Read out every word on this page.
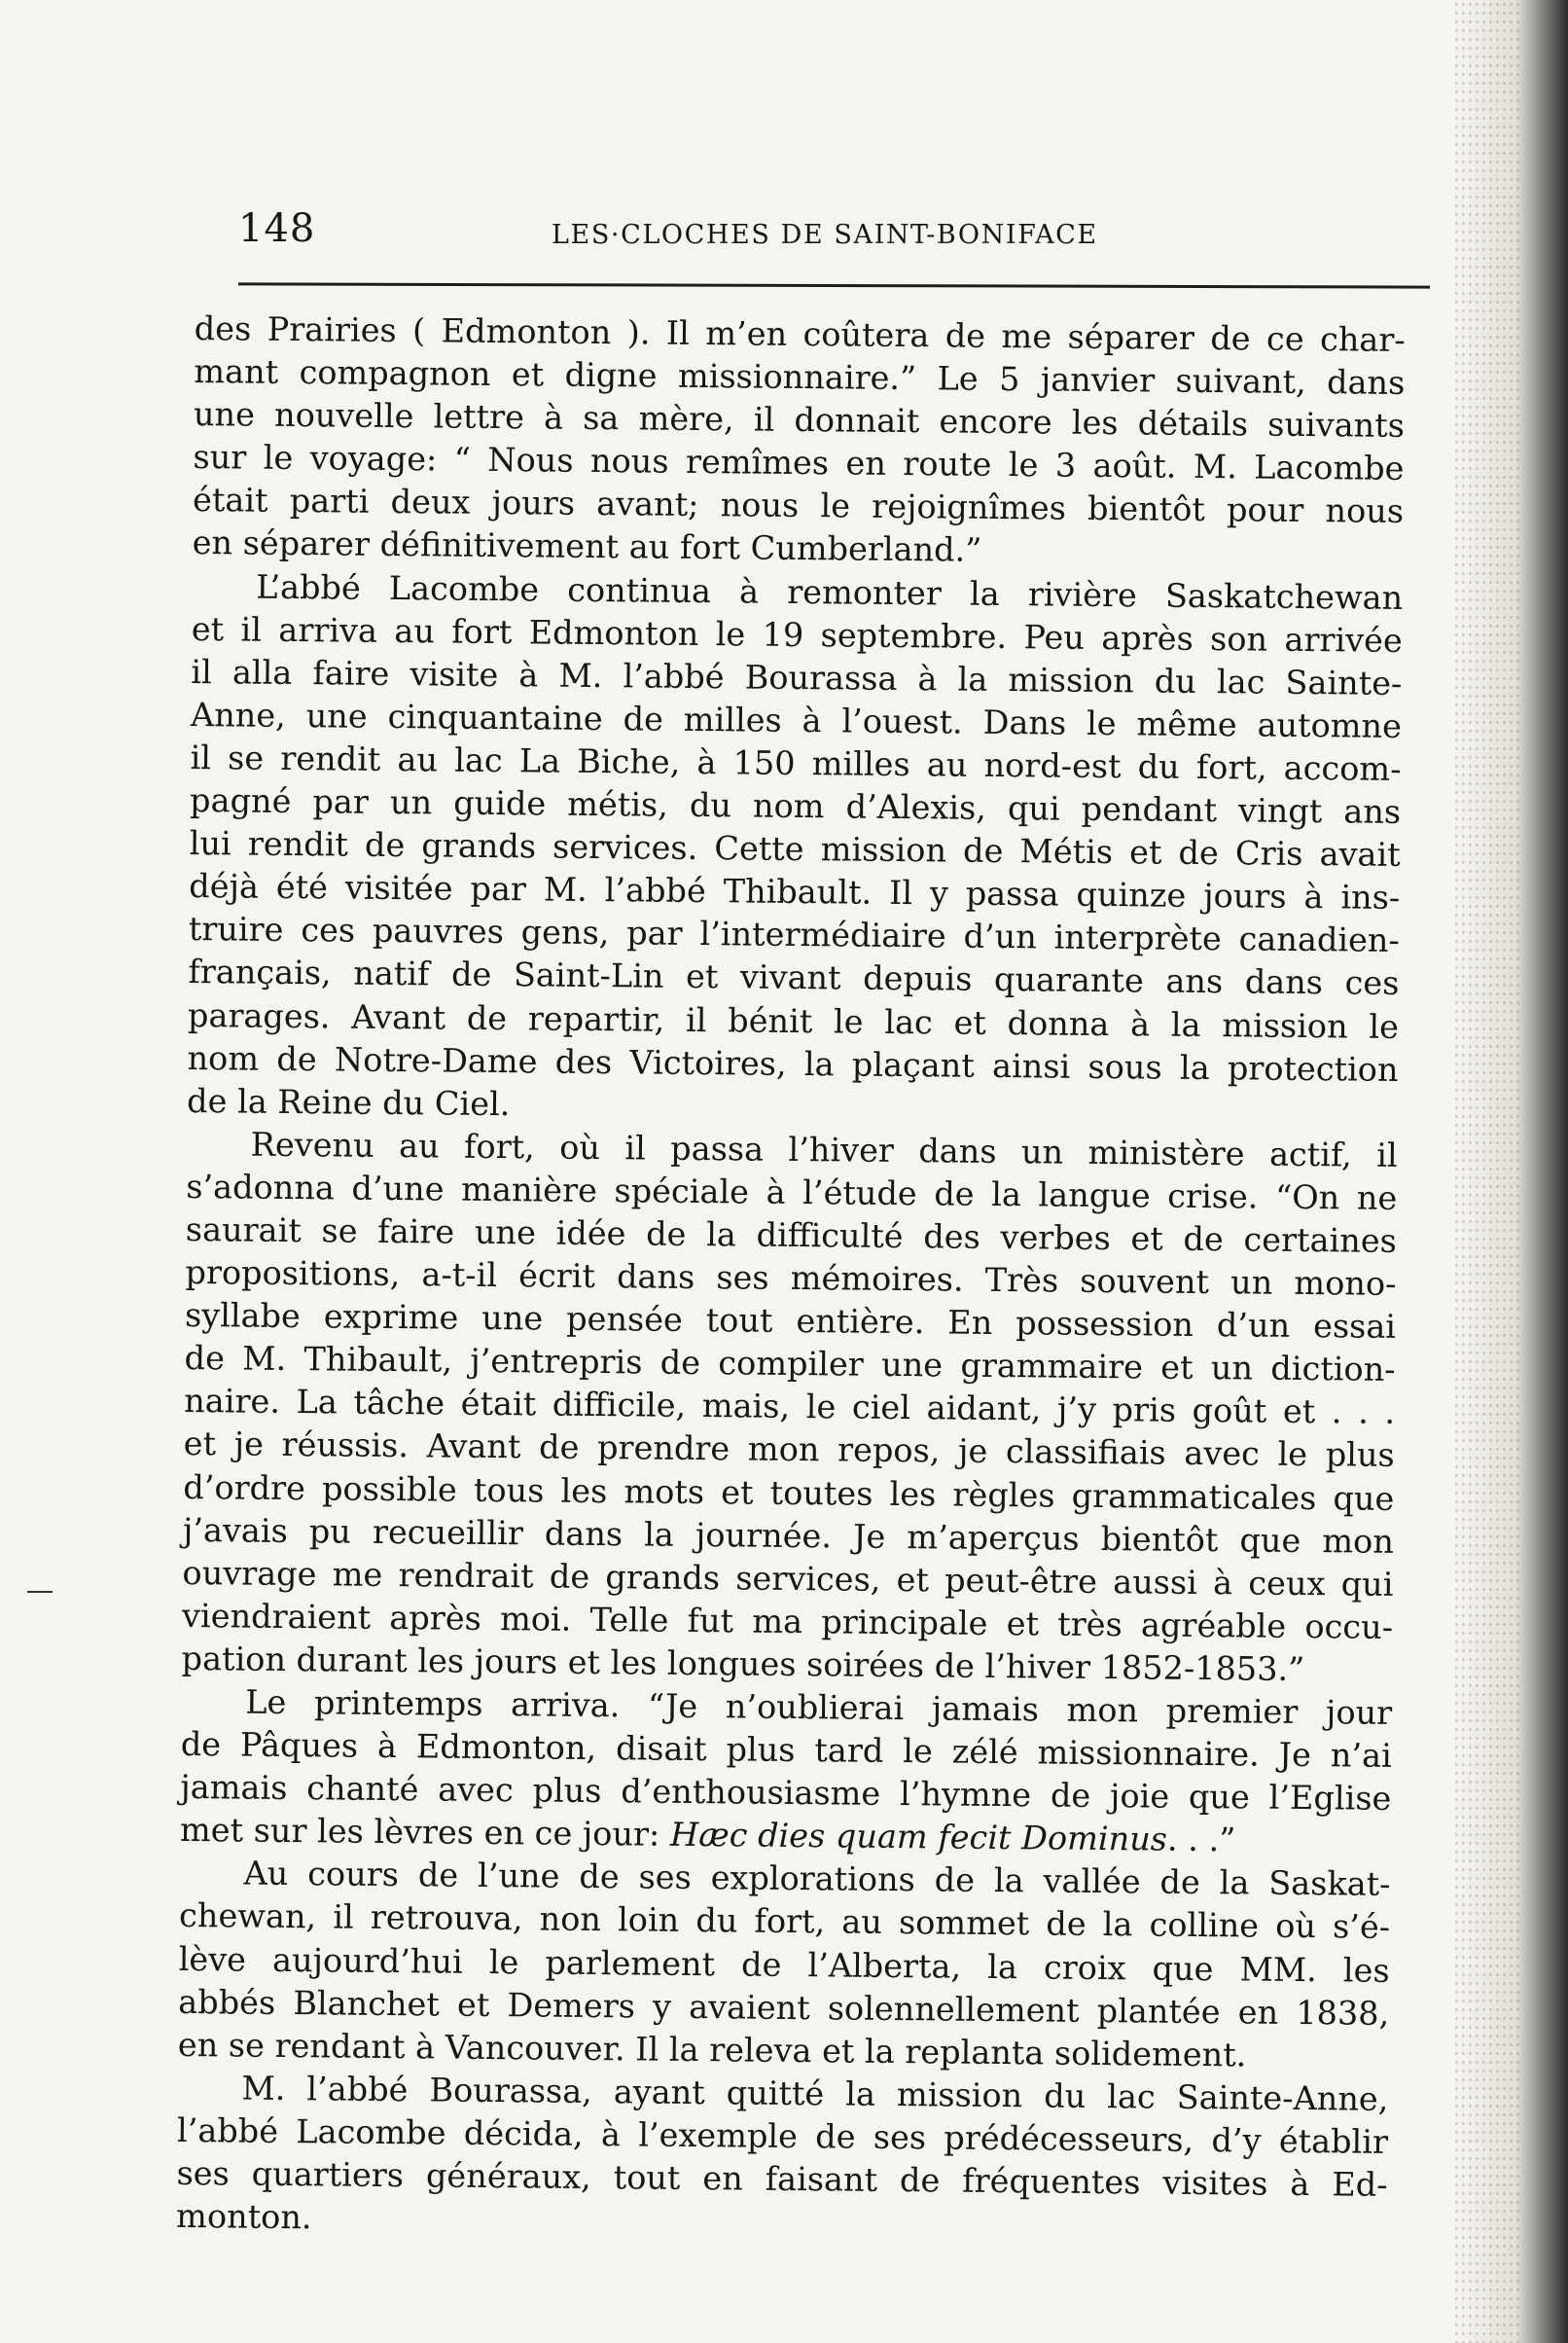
148	LES·CLOCHES DE SAINT-BONIFACE
des Prairies ( Edmonton ). Il m’en coûtera de me séparer de ce char-
mant compagnon et digne missionnaire.” Le 5 janvier suivant, dans
une nouvelle lettre à sa mère, il donnait encore les détails suivants
sur le voyage: “ Nous nous remîmes en route le 3 août. M. Lacombe
était parti deux jours avant; nous le rejoignîmes bientôt pour nous
en séparer définitivement au fort Cumberland.”
L’abbé Lacombe continua à remonter la rivière Saskatchewan
et il arriva au fort Edmonton le 19 septembre. Peu après son arrivée
il alla faire visite à M. l’abbé Bourassa à la mission du lac Sainte-
Anne, une cinquantaine de milles à l’ouest. Dans le même automne
il se rendit au lac La Biche, à 150 milles au nord-est du fort, accom-
pagné par un guide métis, du nom d’Alexis, qui pendant vingt ans
lui rendit de grands services. Cette mission de Métis et de Cris avait
déjà été visitée par M. l’abbé Thibault. Il y passa quinze jours à ins-
truire ces pauvres gens, par l’intermédiaire d’un interprète canadien-
français, natif de Saint-Lin et vivant depuis quarante ans dans ces
parages. Avant de repartir, il bénit le lac et donna à la mission le
nom de Notre-Dame des Victoires, la plaçant ainsi sous la protection
de la Reine du Ciel.
Revenu au fort, où il passa l’hiver dans un ministère actif, il
s’adonna d’une manière spéciale à l’étude de la langue crise. “On ne
saurait se faire une idée de la difficulté des verbes et de certaines
propositions, a-t-il écrit dans ses mémoires. Très souvent un mono-
syllabe exprime une pensée tout entière. En possession d’un essai
de M. Thibault, j’entrepris de compiler une grammaire et un diction-
naire. La tâche était difficile, mais, le ciel aidant, j’y pris goût et . . .
et je réussis. Avant de prendre mon repos, je classifiais avec le plus
d’ordre possible tous les mots et toutes les règles grammaticales que
j’avais pu recueillir dans la journée. Je m’aperçus bientôt que mon
ouvrage me rendrait de grands services, et peut-être aussi à ceux qui
viendraient après moi. Telle fut ma principale et très agréable occu-
pation durant les jours et les longues soirées de l’hiver 1852-1853.”
Le printemps arriva. “Je n’oublierai jamais mon premier jour
de Pâques à Edmonton, disait plus tard le zélé missionnaire. Je n’ai
jamais chanté avec plus d’enthousiasme l’hymne de joie que l’Eglise
met sur les lèvres en ce jour: Hæc dies quam fecit Dominus. . .”
Au cours de l’une de ses explorations de la vallée de la Saskat-
chewan, il retrouva, non loin du fort, au sommet de la colline où s’é-
lève aujourd’hui le parlement de l’Alberta, la croix que MM. les
abbés Blanchet et Demers y avaient solennellement plantée en 1838,
en se rendant à Vancouver. Il la releva et la replanta solidement.
M. l’abbé Bourassa, ayant quitté la mission du lac Sainte-Anne,
l’abbé Lacombe décida, à l’exemple de ses prédécesseurs, d’y établir
ses quartiers généraux, tout en faisant de fréquentes visites à Ed-
monton.
